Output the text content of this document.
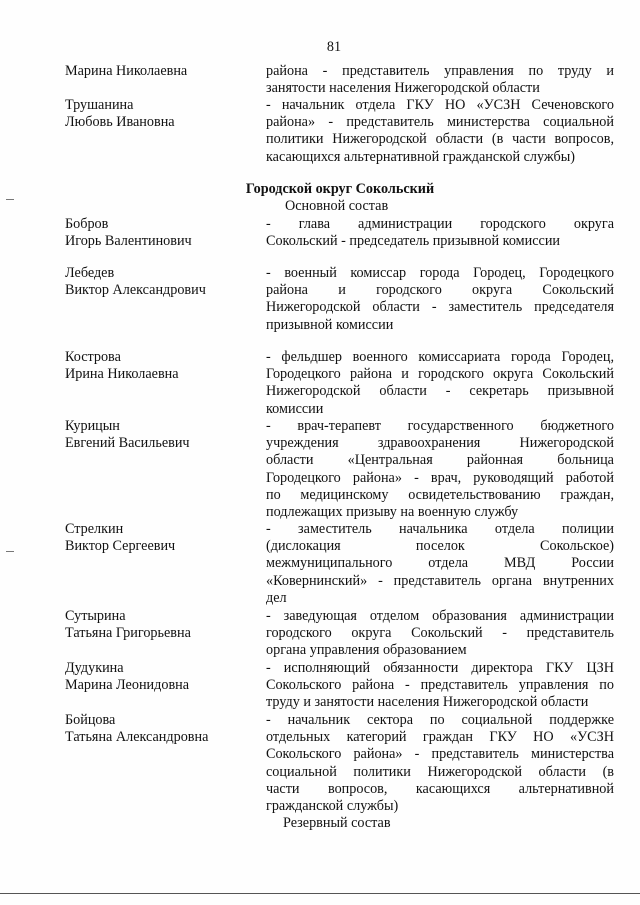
81
Марина Николаевна	района - представитель управления по труду и
занятости населения Нижегородской области
Трушанина
Любовь Ивановна
- начальник отдела ГКУ НО «УСЗН Сеченовского
района» - представитель министерства социальной
политики Нижегородской области (в части вопросов,
касающихся альтернативной гражданской службы)
Городской округ Сокольский
Основной состав
Бобров
Игорь Валентинович
- глава администрации городского округа
Сокольский - председатель призывной комиссии
Лебедев
Виктор Александрович
- военный комиссар города Городец, Городецкого
района и городского округа Сокольский
Нижегородской области - заместитель председателя
призывной комиссии
Кострова
Ирина Николаевна
- фельдшер военного комиссариата города Городец,
Городецкого района и городского округа Сокольский
Нижегородской области - секретарь призывной
комиссии
Курицын
Евгений Васильевич
- врач-терапевт государственного бюджетного
учреждения здравоохранения Нижегородской
области «Центральная районная больница
Городецкого района» - врач, руководящий работой
по медицинскому освидетельствованию граждан,
подлежащих призыву на военную службу
Стрелкин
Виктор Сергеевич
- заместитель начальника отдела полиции
(дислокация поселок Сокольское)
межмуниципального отдела МВД России
«Ковернинский» - представитель органа внутренних
дел
Сутырина
Татьяна Григорьевна
- заведующая отделом образования администрации
городского округа Сокольский - представитель
органа управления образованием
Дудукина
Марина Леонидовна
- исполняющий обязанности директора ГКУ ЦЗН
Сокольского района - представитель управления по
труду и занятости населения Нижегородской области
Бойцова
Татьяна Александровна
- начальник сектора по социальной поддержке
отдельных категорий граждан ГКУ НО «УСЗН
Сокольского района» - представитель министерства
социальной политики Нижегородской области (в
части вопросов, касающихся альтернативной
гражданской службы)
Резервный состав
